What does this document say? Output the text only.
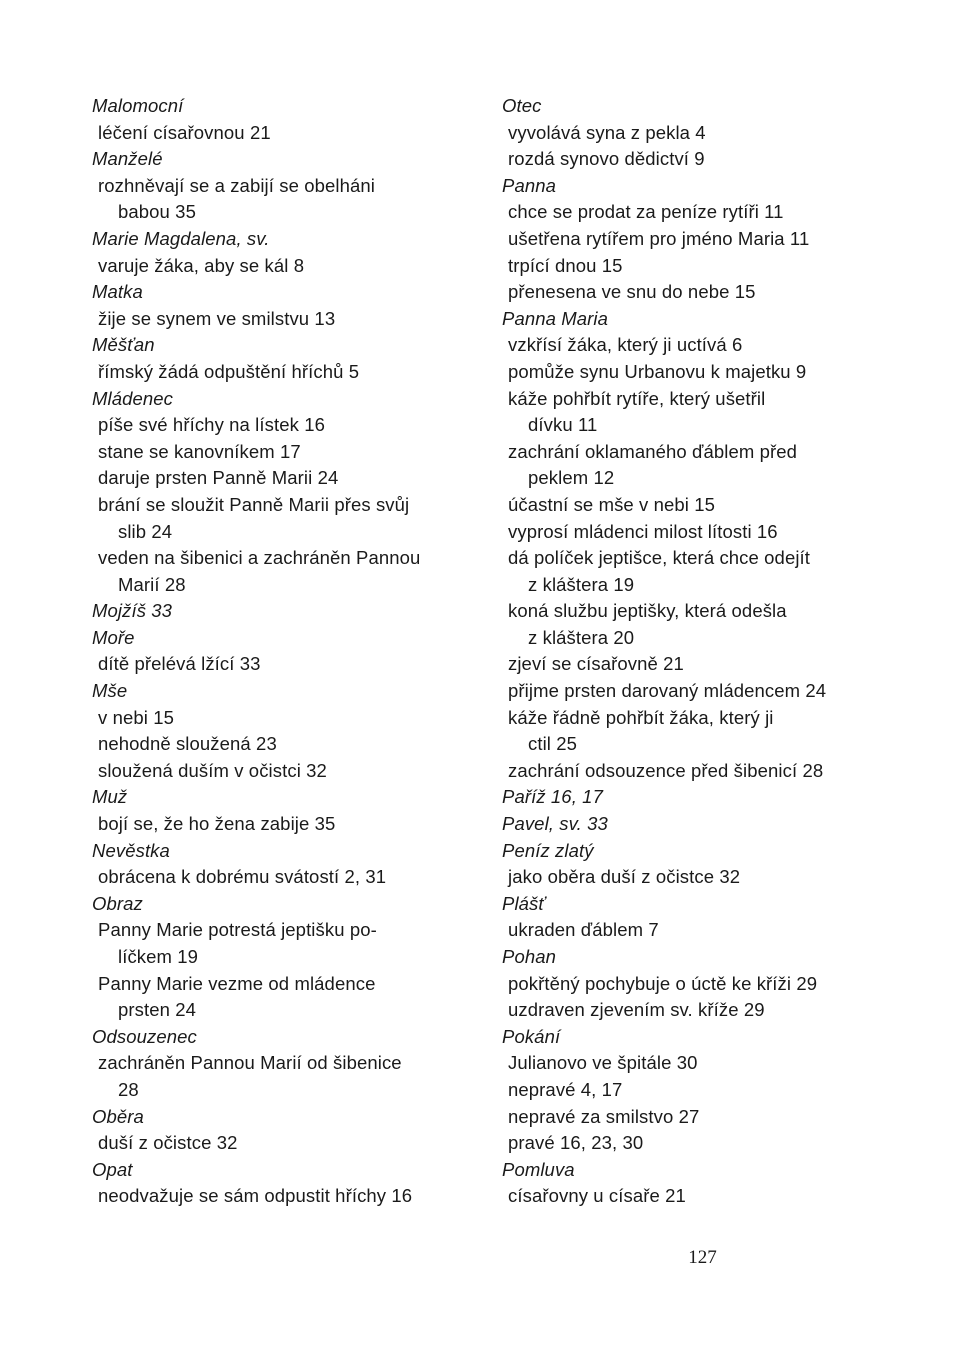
Malomocní
léčení císařovnou 21
Manželé
rozhněvají se a zabijí se obelháni
babou 35
Marie Magdalena, sv.
varuje žáka, aby se kál 8
Matka
žije se synem ve smilstvu 13
Měšťan
římský žádá odpuštění hříchů 5
Mládenec
píše své hříchy na lístek 16
stane se kanovníkem 17
daruje prsten Panně Marii 24
brání se sloužit Panně Marii přes svůj
slib 24
veden na šibenici a zachráněn Pannou
Marií 28
Mojžíš 33
Moře
dítě přelévá lžící 33
Mše
v nebi 15
nehodně sloužená 23
sloužená duším v očistci 32
Muž
bojí se, že ho žena zabije 35
Nevěstka
obrácena k dobrému svátostí 2, 31
Obraz
Panny Marie potrestá jeptišku po-
líčkem 19
Panny Marie vezme od mládence
prsten 24
Odsouzenec
zachráněn Pannou Marií od šibenice
28
Oběra
duší z očistce 32
Opat
neodvažuje se sám odpustit hříchy 16
Otec
vyvolává syna z pekla 4
rozdá synovo dědictví 9
Panna
chce se prodat za peníze rytíři 11
ušetřena rytířem pro jméno Maria 11
trpící dnou 15
přenesena ve snu do nebe 15
Panna Maria
vzkřísí žáka, který ji uctívá 6
pomůže synu Urbanovu k majetku 9
káže pohřbít rytíře, který ušetřil
dívku 11
zachrání oklamaného ďáblem před
peklem 12
účastní se mše v nebi 15
vyprosí mládenci milost lítosti 16
dá políček jeptišce, která chce odejít
z kláštera 19
koná službu jeptišky, která odešla
z kláštera 20
zjeví se císařovně 21
přijme prsten darovaný mládencem 24
káže řádně pohřbít žáka, který ji
ctil 25
zachrání odsouzence před šibenicí 28
Paříž 16, 17
Pavel, sv. 33
Peníz zlatý
jako oběra duší z očistce 32
Plášť
ukraden ďáblem 7
Pohan
pokřtěný pochybuje o úctě ke kříži 29
uzdraven zjevením sv. kříže 29
Pokání
Julianovo ve špitále 30
nepravé 4, 17
nepravé za smilstvo 27
pravé 16, 23, 30
Pomluva
císařovny u císaře 21
127
